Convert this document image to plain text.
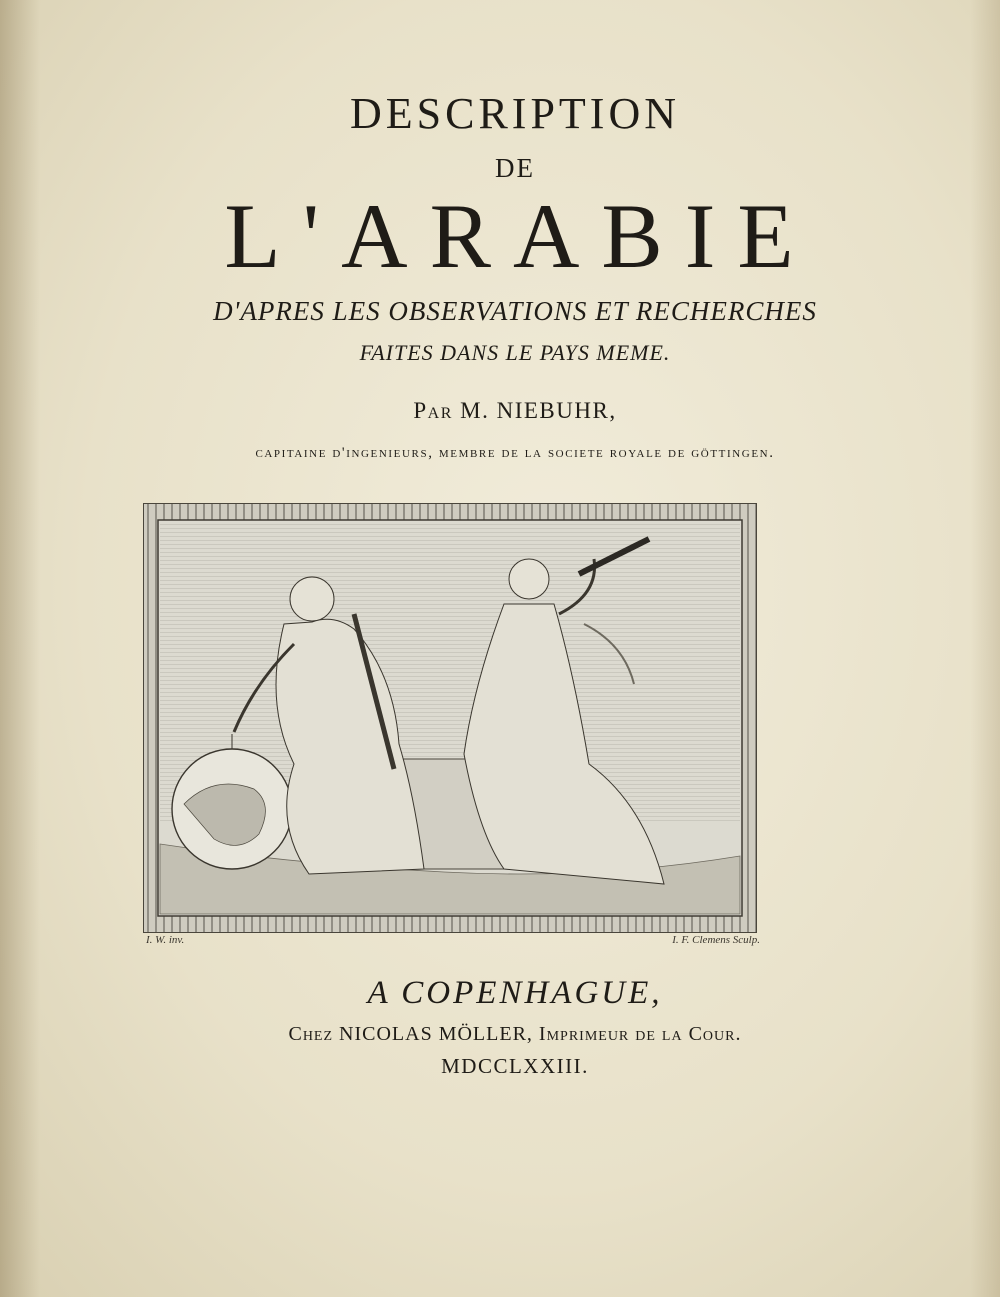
DESCRIPTION
DE
L'ARABIE
D'APRES LES OBSERVATIONS ET RECHERCHES
FAITES DANS LE PAYS MEME.
Par M. NIEBUHR,
capitaine d'ingenieurs, membre de la societe royale de göttingen.
I. W. inv.	I. F. Clemens Sculp.
A COPENHAGUE,
Chez NICOLAS MÖLLER, Imprimeur de la Cour.
MDCCLXXIII.
